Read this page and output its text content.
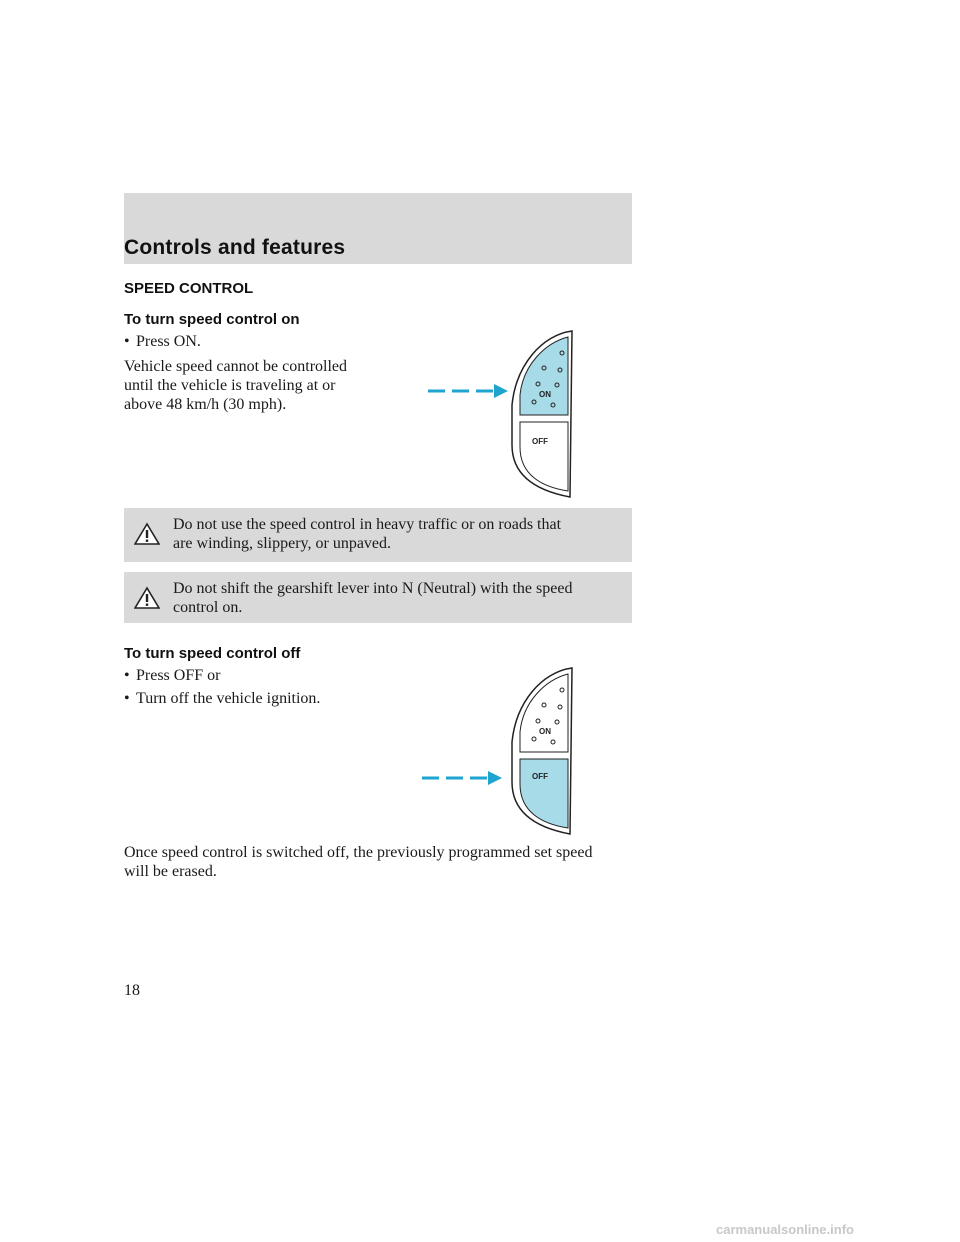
Controls and features
SPEED CONTROL
To turn speed control on
• Press ON.
Vehicle speed cannot be controlled
until the vehicle is traveling at or
above 48 km/h (30 mph).
ON
OFF
Do not use the speed control in heavy traffic or on roads that
are winding, slippery, or unpaved.
Do not shift the gearshift lever into N (Neutral) with the speed
control on.
To turn speed control off
• Press OFF or
• Turn off the vehicle ignition.
ON
OFF
Once speed control is switched off, the previously programmed set speed
will be erased.
18
carmanualsonline.info
